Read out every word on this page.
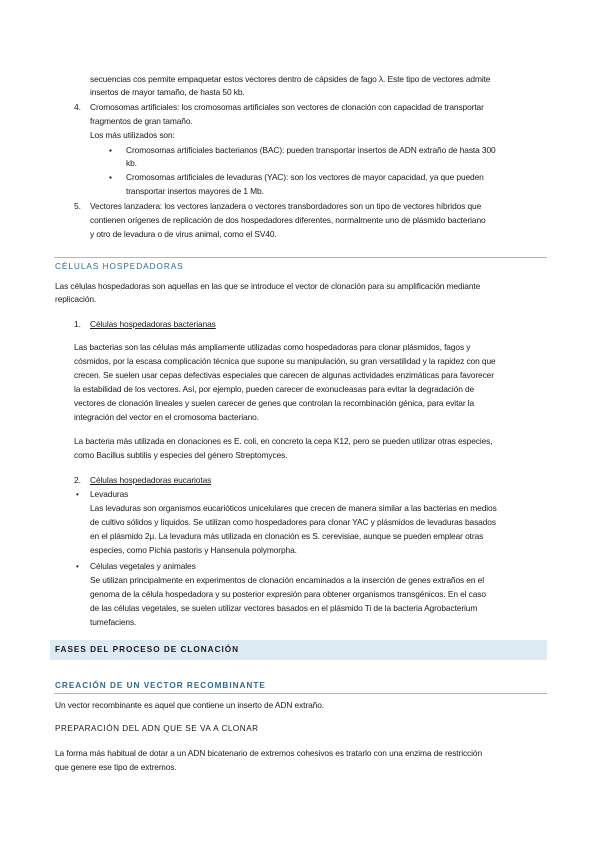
secuencias cos permite empaquetar estos vectores dentro de cápsides de fago λ. Este tipo de vectores admite
insertos de mayor tamaño, de hasta 50 kb.
4. Cromosomas artificiales: los cromosomas artificiales son vectores de clonación con capacidad de transportar
fragmentos de gran tamaño.
Los más utilizados son:
▪ Cromosomas artificiales bacterianos (BAC): pueden transportar insertos de ADN extraño de hasta 300
kb.
▪ Cromosomas artificiales de levaduras (YAC): son los vectores de mayor capacidad, ya que pueden
transportar insertos mayores de 1 Mb.
5. Vectores lanzadera: los vectores lanzadera o vectores transbordadores son un tipo de vectores híbridos que
contienen orígenes de replicación de dos hospedadores diferentes, normalmente uno de plásmido bacteriano
y otro de levadura o de virus animal, como el SV40.
CÉLULAS HOSPEDADORAS
Las células hospedadoras son aquellas en las que se introduce el vector de clonación para su amplificación mediante
replicación.
1. Células hospedadoras bacterianas
Las bacterias son las células más ampliamente utilizadas como hospedadoras para clonar plásmidos, fagos y
cósmidos, por la escasa complicación técnica que supone su manipulación, su gran versatilidad y la rapidez con que
crecen. Se suelen usar cepas defectivas especiales que carecen de algunas actividades enzimáticas para favorecer
la estabilidad de los vectores. Así, por ejemplo, pueden carecer de exonucleasas para evitar la degradación de
vectores de clonación lineales y suelen carecer de genes que controlan la recombinación génica, para evitar la
integración del vector en el cromosoma bacteriano.
La bacteria más utilizada en clonaciones es E. coli, en concreto la cepa K12, pero se pueden utilizar otras especies,
como Bacillus subtilis y especies del género Streptomyces.
2. Células hospedadoras eucariotas
• Levaduras
Las levaduras son organismos eucarióticos unicelulares que crecen de manera similar a las bacterias en medios
de cultivo sólidos y líquidos. Se utilizan como hospedadores para clonar YAC y plásmidos de levaduras basados
en el plásmido 2μ. La levadura más utilizada en clonación es S. cerevisiae, aunque se pueden emplear otras
especies, como Pichia pastoris y Hansenula polymorpha.
• Células vegetales y animales
Se utilizan principalmente en experimentos de clonación encaminados a la inserción de genes extraños en el
genoma de la célula hospedadora y su posterior expresión para obtener organismos transgénicos. En el caso
de las células vegetales, se suelen utilizar vectores basados en el plásmido Ti de la bacteria Agrobacterium
tumefaciens.
FASES DEL PROCESO DE CLONACIÓN
CREACIÓN DE UN VECTOR RECOMBINANTE
Un vector recombinante es aquel que contiene un inserto de ADN extraño.
PREPARACIÓN DEL ADN QUE SE VA A CLONAR
La forma más habitual de dotar a un ADN bicatenario de extremos cohesivos es tratarlo con una enzima de restricción
que genere ese tipo de extremos.
